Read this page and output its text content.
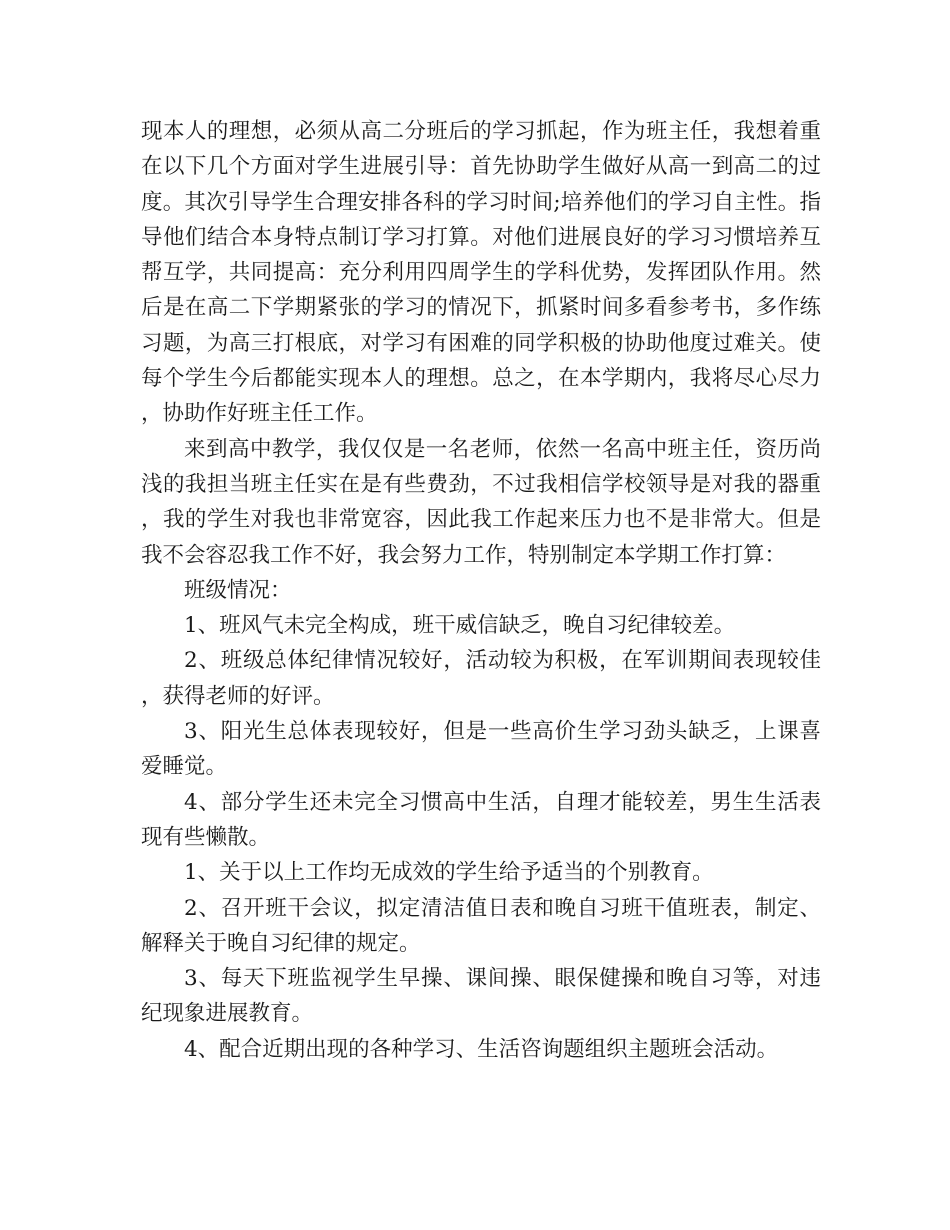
现本人的理想，必须从高二分班后的学习抓起，作为班主任，我想着重在以下几个方面对学生进展引导：首先协助学生做好从高一到高二的过度。其次引导学生合理安排各科的学习时间;培养他们的学习自主性。指导他们结合本身特点制订学习打算。对他们进展良好的学习习惯培养互帮互学，共同提高：充分利用四周学生的学科优势，发挥团队作用。然后是在高二下学期紧张的学习的情况下，抓紧时间多看参考书，多作练习题，为高三打根底，对学习有困难的同学积极的协助他度过难关。使每个学生今后都能实现本人的理想。总之，在本学期内，我将尽心尽力，协助作好班主任工作。

来到高中教学，我仅仅是一名老师，依然一名高中班主任，资历尚浅的我担当班主任实在是有些费劲，不过我相信学校领导是对我的器重，我的学生对我也非常宽容，因此我工作起来压力也不是非常大。但是我不会容忍我工作不好，我会努力工作，特别制定本学期工作打算：

班级情况：

1、班风气未完全构成，班干威信缺乏，晚自习纪律较差。

2、班级总体纪律情况较好，活动较为积极，在军训期间表现较佳，获得老师的好评。

3、阳光生总体表现较好，但是一些高价生学习劲头缺乏，上课喜爱睡觉。

4、部分学生还未完全习惯高中生活，自理才能较差，男生生活表现有些懒散。

1、关于以上工作均无成效的学生给予适当的个别教育。

2、召开班干会议，拟定清洁值日表和晚自习班干值班表，制定、解释关于晚自习纪律的规定。

3、每天下班监视学生早操、课间操、眼保健操和晚自习等，对违纪现象进展教育。

4、配合近期出现的各种学习、生活咨询题组织主题班会活动。
